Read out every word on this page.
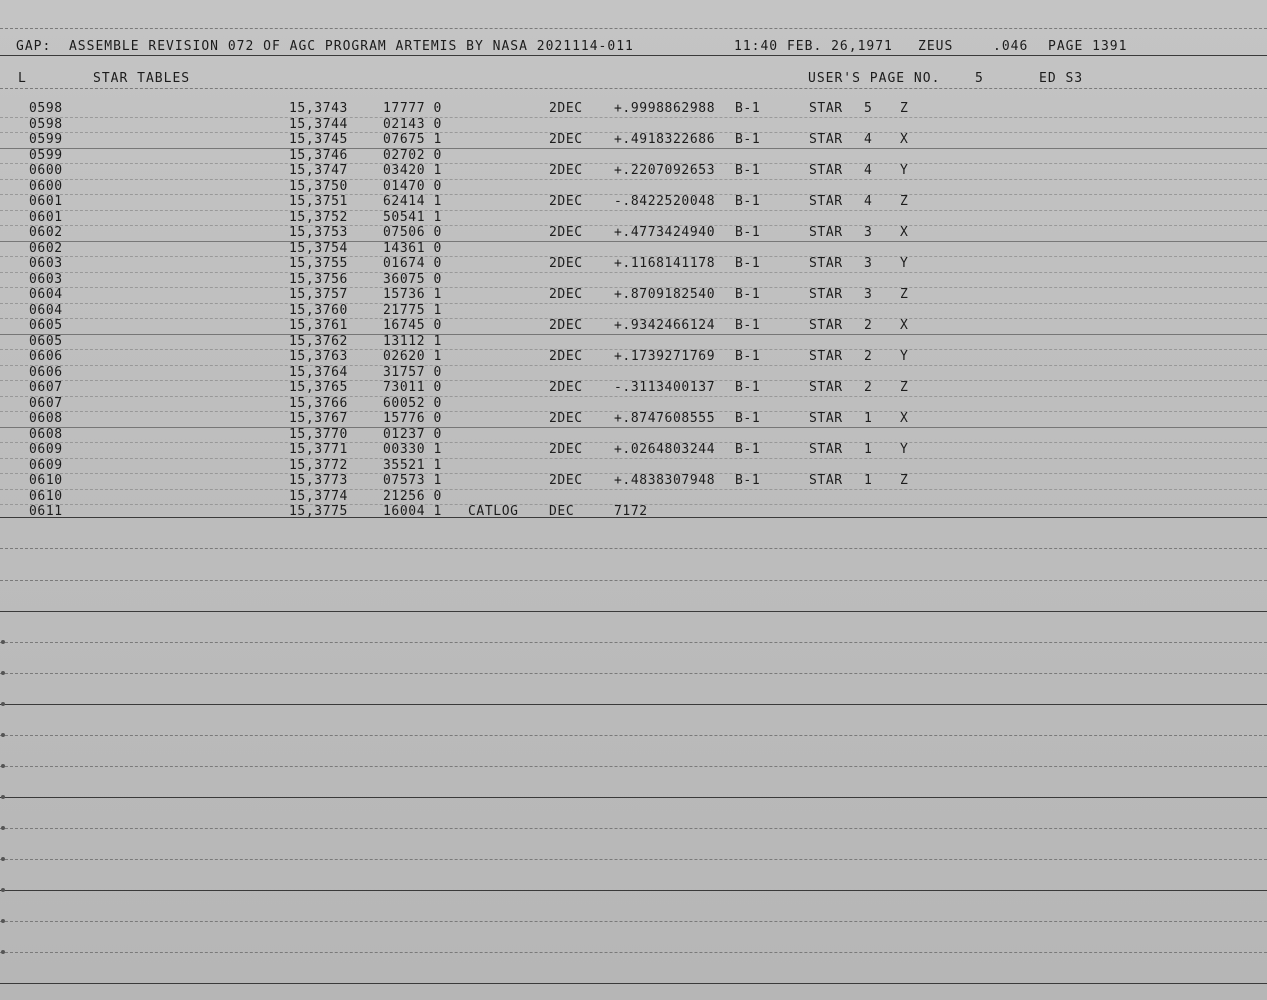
GAP:  ASSEMBLE REVISION 072 OF AGC PROGRAM ARTEMIS BY NASA 2021114-011	11:40 FEB. 26,1971 ZEUS	.046 PAGE 1391
L	STAR TABLES	USER'S PAGE NO.	5	ED S3
0598	15,3743	17777 0	2DEC +.9998862988 B-1	STAR 5 Z
0598	15,3744	02143 0
0599	15,3745	07675 1	2DEC +.4918322686 B-1	STAR 4 X
0599	15,3746	02702 0
0600	15,3747	03420 1	2DEC +.2207092653 B-1	STAR 4 Y
0600	15,3750	01470 0
0601	15,3751	62414 1	2DEC -.8422520048 B-1	STAR 4 Z
0601	15,3752	50541 1
0602	15,3753	07506 0	2DEC +.4773424940 B-1	STAR 3 X
0602	15,3754	14361 0
0603	15,3755	01674 0	2DEC +.1168141178 B-1	STAR 3 Y
0603	15,3756	36075 0
0604	15,3757	15736 1	2DEC +.8709182540 B-1	STAR 3 Z
0604	15,3760	21775 1
0605	15,3761	16745 0	2DEC +.9342466124 B-1	STAR 2 X
0605	15,3762	13112 1
0606	15,3763	02620 1	2DEC +.1739271769 B-1	STAR 2 Y
0606	15,3764	31757 0
0607	15,3765	73011 0	2DEC -.3113400137 B-1	STAR 2 Z
0607	15,3766	60052 0
0608	15,3767	15776 0	2DEC +.8747608555 B-1	STAR 1 X
0608	15,3770	01237 0
0609	15,3771	00330 1	2DEC +.0264803244 B-1	STAR 1 Y
0609	15,3772	35521 1
0610	15,3773	07573 1	2DEC +.4838307948 B-1	STAR 1 Z
0610	15,3774	21256 0
0611	15,3775	16004 1 CATLOG DEC	7172
